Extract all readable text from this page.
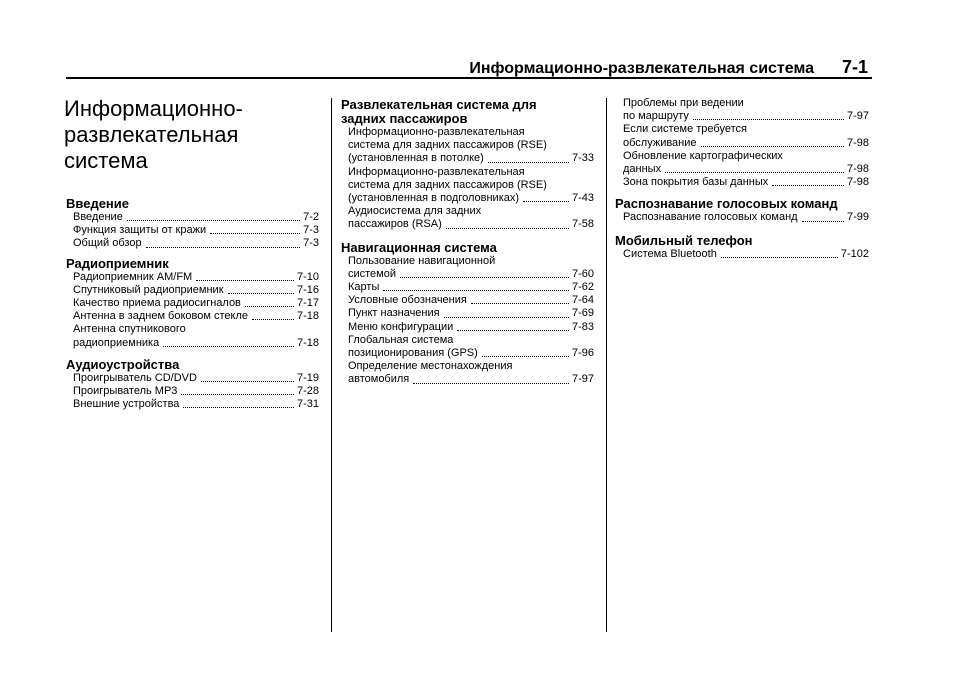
Информационно-развлекательная система 7-1
Информационно-
развлекательная
система
Введение
Введение	7-2
Функция защиты от кражи	7-3
Общий обзор	7-3
Радиоприемник
Радиоприемник AM/FM	7-10
Спутниковый радиоприемник	7-16
Качество приема радиосигналов	7-17
Антенна в заднем боковом стекле	7-18
Антенна спутникового
радиоприемника	7-18
Аудиоустройства
Проигрыватель CD/DVD	7-19
Проигрыватель MP3	7-28
Внешние устройства	7-31
Развлекательная система для
задних пассажиров
Информационно-развлекательная
система для задних пассажиров (RSE)
(установленная в потолке)	7-33
Информационно-развлекательная
система для задних пассажиров (RSE)
(установленная в подголовниках)	7-43
Аудиосистема для задних
пассажиров (RSA)	7-58
Навигационная система
Пользование навигационной
системой	7-60
Карты	7-62
Условные обозначения	7-64
Пункт назначения	7-69
Меню конфигурации	7-83
Глобальная система
позиционирования (GPS)	7-96
Определение местонахождения
автомобиля	7-97
Проблемы при ведении
по маршруту	7-97
Если системе требуется
обслуживание	7-98
Обновление картографических
данных	7-98
Зона покрытия базы данных	7-98
Распознавание голосовых команд
Распознавание голосовых команд	7-99
Мобильный телефон
Система Bluetooth	7-102
